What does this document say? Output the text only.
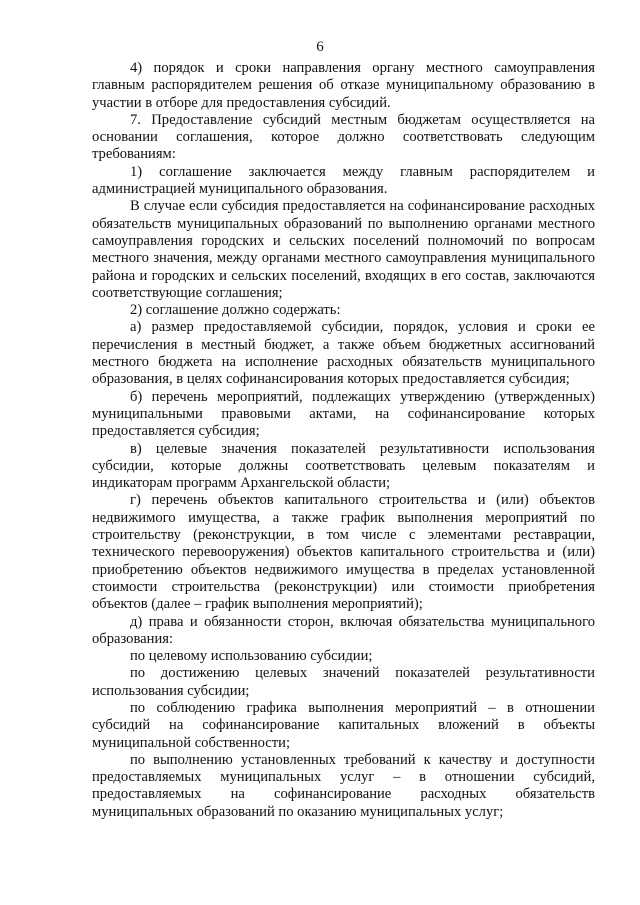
6

4) порядок и сроки направления органу местного самоуправления главным распорядителем решения об отказе муниципальному образованию в участии в отборе для предоставления субсидий.

7. Предоставление субсидий местным бюджетам осуществляется на основании соглашения, которое должно соответствовать следующим требованиям:

1) соглашение заключается между главным распорядителем и администрацией муниципального образования.

В случае если субсидия предоставляется на софинансирование расходных обязательств муниципальных образований по выполнению органами местного самоуправления городских и сельских поселений полномочий по вопросам местного значения, между органами местного самоуправления муниципального района и городских и сельских поселений, входящих в его состав, заключаются соответствующие соглашения;

2) соглашение должно содержать:

а) размер предоставляемой субсидии, порядок, условия и сроки ее перечисления в местный бюджет, а также объем бюджетных ассигнований местного бюджета на исполнение расходных обязательств муниципального образования, в целях софинансирования которых предоставляется субсидия;

б) перечень мероприятий, подлежащих утверждению (утвержденных) муниципальными правовыми актами, на софинансирование которых предоставляется субсидия;

в) целевые значения показателей результативности использования субсидии, которые должны соответствовать целевым показателям и индикаторам программ Архангельской области;

г) перечень объектов капитального строительства и (или) объектов недвижимого имущества, а также график выполнения мероприятий по строительству (реконструкции, в том числе с элементами реставрации, технического перевооружения) объектов капитального строительства и (или) приобретению объектов недвижимого имущества в пределах установленной стоимости строительства (реконструкции) или стоимости приобретения объектов (далее – график выполнения мероприятий);

д) права и обязанности сторон, включая обязательства муниципального образования:

по целевому использованию субсидии;

по достижению целевых значений показателей результативности использования субсидии;

по соблюдению графика выполнения мероприятий – в отношении субсидий на софинансирование капитальных вложений в объекты муниципальной собственности;

по выполнению установленных требований к качеству и доступности предоставляемых муниципальных услуг – в отношении субсидий, предоставляемых на софинансирование расходных обязательств муниципальных образований по оказанию муниципальных услуг;
